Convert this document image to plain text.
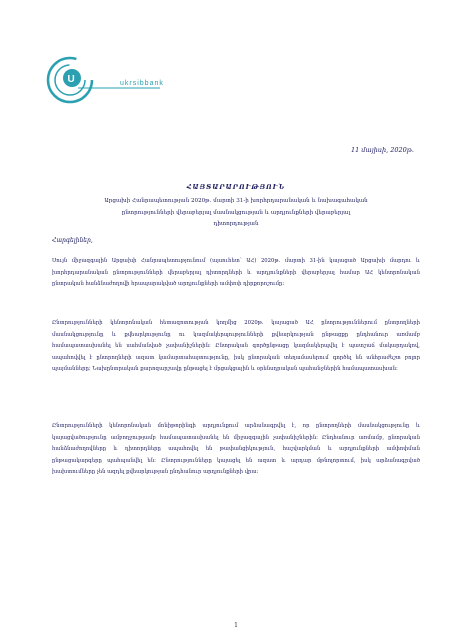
U	ukrsibbank
11 մայիսի, 2020թ.
ՀԱՅՏԱՐԱՐՈՒԹՅՈՒՆ
Արցախի Հանրապետության 2020թ. մարտի 31-ի խորհրդարանական և նախագահական ընտրությունների վերաբերյալ մասնակցության և արդյունքների վերաբերյալ դիտորդության
Հարգելիներ,
Սույն միջազգային Արցախի Հանրապետությունում (այսուհետ՝ ԱՀ) 2020թ. մարտի 31-ին կայացած Արցախի մարդու և խորհրդարանական ընտրությունների վերաբերյալ դիտորդների և արդյունքների վերաբերյալ համար ԱՀ կենտրոնական ընտրական հանձնաժողովի հրապարակված արդյունքների ամփոփ դիրքորոշումը։
Ընտրությունների կենտրոնական հետազոտության կողմից 2020թ. կայացած ԱՀ ընտրություններում ընտրողների մասնակցությունը և քվեարկությունը ու կազմակերպությունների քվեարկության ընթացքը ընդհանուր առմամբ համապատասխանել են սահմանված չափանիշներին։ Ընտրական գործընթացը կազմակերպվել է պատշաճ մակարդակով, ապահովվել է ընտրողների ազատ կամարտահայտությունը, իսկ ընտրական տեղամասերում գործել են անհրաժեշտ բոլոր պայմանները։ Նախընտրական քարոզարշավը ընթացել է մրցակցային և օրենսդրական պահանջներին համապատասխան։
Ընտրությունների կենտրոնական մոնիթորինգի արդյունքում արձանագրվել է, որ ընտրողների մասնակցությունը և կայացվածությունը ամբողջությամբ համապատասխանել են միջազգային չափանիշներին։ Ընդհանուր առմամբ, ընտրական հանձնաժողովները և դիտորդները ապահովել են թափանցիկություն, հաշվարկման և արդյունքների ամփոփման ընթացակարգերը պահպանվել են։ Ընտրությունները կայացել են ազատ և արդար մթնոլորտում, իսկ արձանագրված խախտումները չեն ազդել քվեարկության ընդհանուր արդյունքների վրա։
1
